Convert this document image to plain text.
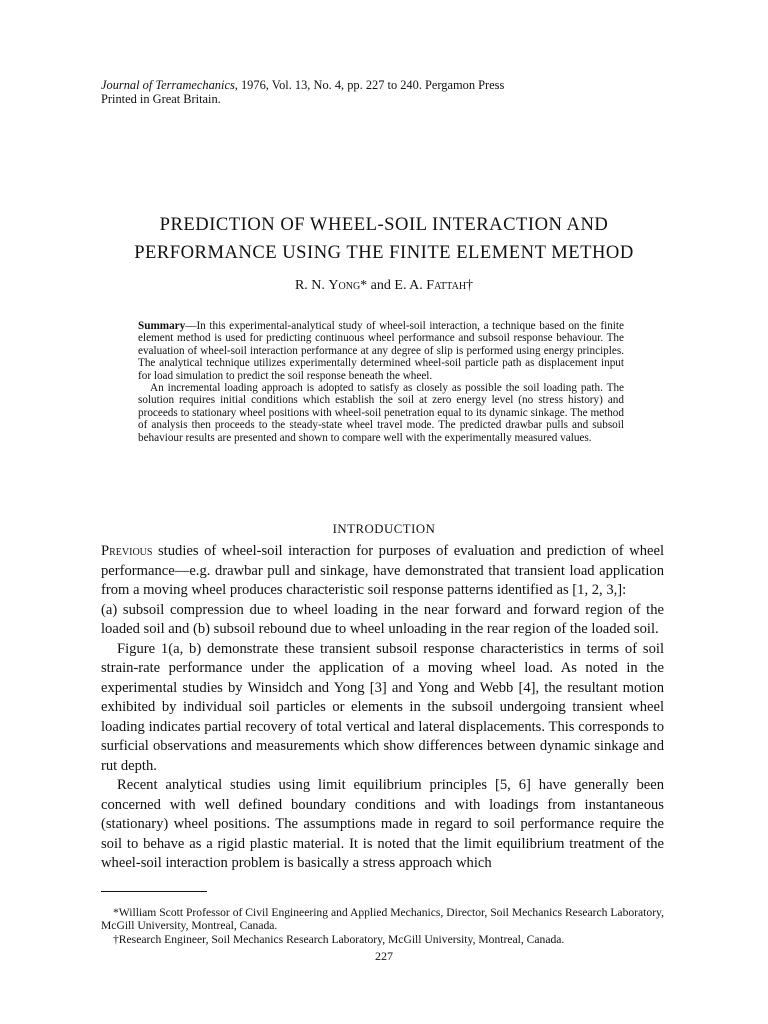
Journal of Terramechanics, 1976, Vol. 13, No. 4, pp. 227 to 240. Pergamon Press
Printed in Great Britain.
PREDICTION OF WHEEL-SOIL INTERACTION AND
PERFORMANCE USING THE FINITE ELEMENT METHOD
R. N. Yong* and E. A. Fattah†

Summary—In this experimental-analytical study of wheel-soil interaction, a technique based on the finite element method is used for predicting continuous wheel performance and subsoil response behaviour. The evaluation of wheel-soil interaction performance at any degree of slip is performed using energy principles. The analytical technique utilizes experimentally determined wheel-soil particle path as displacement input for load simulation to predict the soil response beneath the wheel.

An incremental loading approach is adopted to satisfy as closely as possible the soil loading path. The solution requires initial conditions which establish the soil at zero energy level (no stress history) and proceeds to stationary wheel positions with wheel-soil penetration equal to its dynamic sinkage. The method of analysis then proceeds to the steady-state wheel travel mode. The predicted drawbar pulls and subsoil behaviour results are presented and shown to compare well with the experimentally measured values.

INTRODUCTION

Previous studies of wheel-soil interaction for purposes of evaluation and prediction of wheel performance—e.g. drawbar pull and sinkage, have demonstrated that transient load application from a moving wheel produces characteristic soil response patterns identified as [1, 2, 3,]:

(a) subsoil compression due to wheel loading in the near forward and forward region of the loaded soil and (b) subsoil rebound due to wheel unloading in the rear region of the loaded soil.

Figure 1(a, b) demonstrate these transient subsoil response characteristics in terms of soil strain-rate performance under the application of a moving wheel load. As noted in the experimental studies by Winsidch and Yong [3] and Yong and Webb [4], the resultant motion exhibited by individual soil particles or elements in the subsoil undergoing transient wheel loading indicates partial recovery of total vertical and lateral displacements. This corresponds to surficial observations and measurements which show differences between dynamic sinkage and rut depth.

Recent analytical studies using limit equilibrium principles [5, 6] have generally been concerned with well defined boundary conditions and with loadings from instantaneous (stationary) wheel positions. The assumptions made in regard to soil performance require the soil to behave as a rigid plastic material. It is noted that the limit equilibrium treatment of the wheel-soil interaction problem is basically a stress approach which

*William Scott Professor of Civil Engineering and Applied Mechanics, Director, Soil Mechanics Research Laboratory, McGill University, Montreal, Canada.

†Research Engineer, Soil Mechanics Research Laboratory, McGill University, Montreal, Canada.

227
